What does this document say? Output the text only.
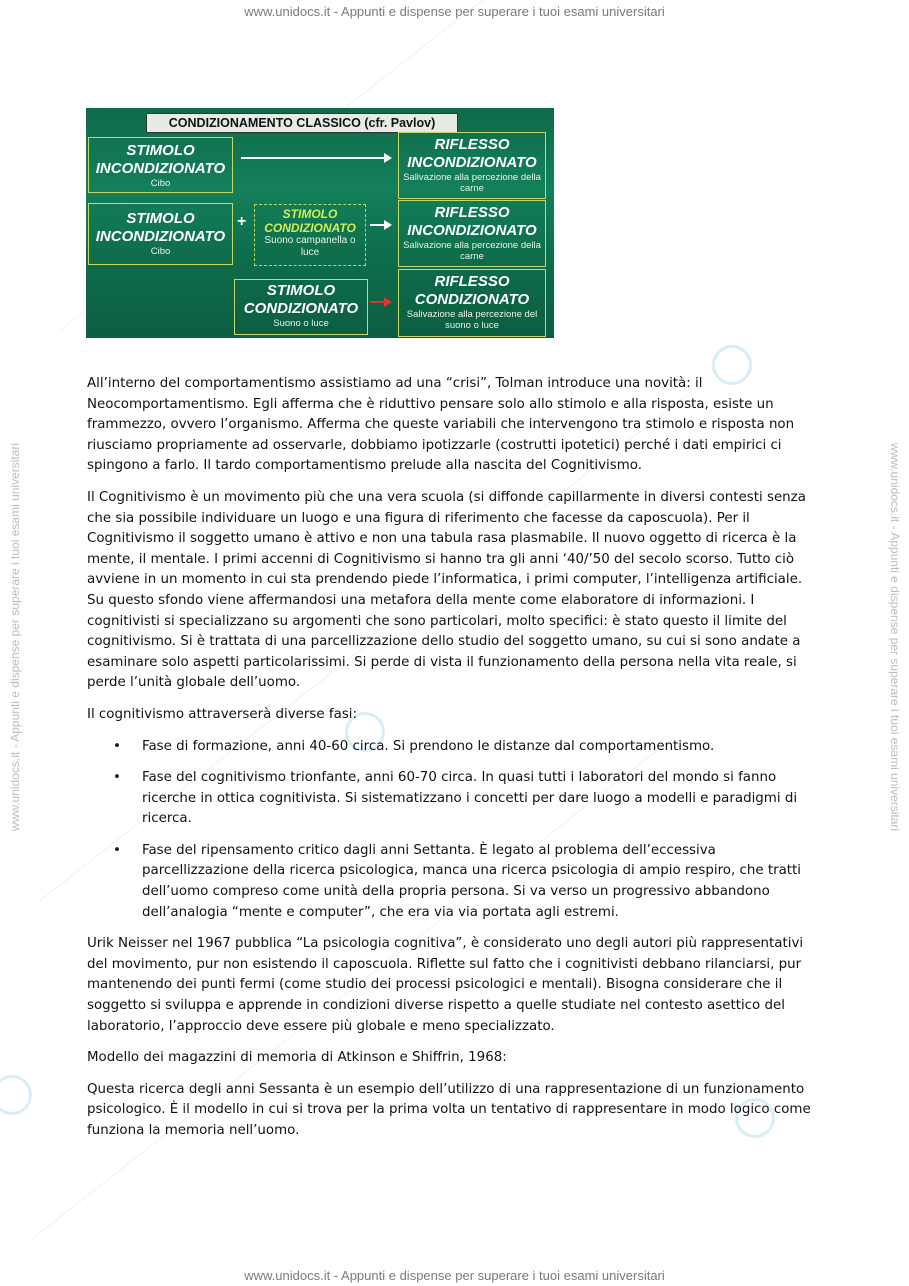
www.unidocs.it - Appunti e dispense per superare i tuoi esami universitari
www.unidocs.it - Appunti e dispense per superare i tuoi esami universitari
www.unidocs.it - Appunti e dispense per superare i tuoi esami universitari	www.unidocs.it - Appunti e dispense per superare i tuoi esami universitari
CONDIZIONAMENTO CLASSICO (cfr. Pavlov)
STIMOLO INCONDIZIONATO
Cibo
RIFLESSO INCONDIZIONATO
Salivazione alla percezione della carne
STIMOLO INCONDIZIONATO
Cibo
+	STIMOLO CONDIZIONATO
Suono campanella o luce
RIFLESSO INCONDIZIONATO
Salivazione alla percezione della carne
STIMOLO CONDIZIONATO
Suono o luce
RIFLESSO CONDIZIONATO
Salivazione alla percezione del suono o luce

All’interno del comportamentismo assistiamo ad una “crisi”, Tolman introduce una novità: il Neocomportamentismo. Egli afferma che è riduttivo pensare solo allo stimolo e alla risposta, esiste un frammezzo, ovvero l’organismo. Afferma che queste variabili che intervengono tra stimolo e risposta non riusciamo propriamente ad osservarle, dobbiamo ipotizzarle (costrutti ipotetici) perché i dati empirici ci spingono a farlo. Il tardo comportamentismo prelude alla nascita del Cognitivismo.

Il Cognitivismo è un movimento più che una vera scuola (si diffonde capillarmente in diversi contesti senza che sia possibile individuare un luogo e una figura di riferimento che facesse da caposcuola). Per il Cognitivismo il soggetto umano è attivo e non una tabula rasa plasmabile. Il nuovo oggetto di ricerca è la mente, il mentale. I primi accenni di Cognitivismo si hanno tra gli anni ‘40/’50 del secolo scorso. Tutto ciò avviene in un momento in cui sta prendendo piede l’informatica, i primi computer, l’intelligenza artificiale. Su questo sfondo viene affermandosi una metafora della mente come elaboratore di informazioni. I cognitivisti si specializzano su argomenti che sono particolari, molto specifici: è stato questo il limite del cognitivismo. Si è trattata di una parcellizzazione dello studio del soggetto umano, su cui si sono andate a esaminare solo aspetti particolarissimi. Si perde di vista il funzionamento della persona nella vita reale, si perde l’unità globale dell’uomo.

Il cognitivismo attraverserà diverse fasi:

• Fase di formazione, anni 40-60 circa. Si prendono le distanze dal comportamentismo.
• Fase del cognitivismo trionfante, anni 60-70 circa. In quasi tutti i laboratori del mondo si fanno ricerche in ottica cognitivista. Si sistematizzano i concetti per dare luogo a modelli e paradigmi di ricerca.
• Fase del ripensamento critico dagli anni Settanta. È legato al problema dell’eccessiva parcellizzazione della ricerca psicologica, manca una ricerca psicologia di ampio respiro, che tratti dell’uomo compreso come unità della propria persona. Si va verso un progressivo abbandono dell’analogia “mente e computer”, che era via via portata agli estremi.

Urik Neisser nel 1967 pubblica “La psicologia cognitiva”, è considerato uno degli autori più rappresentativi del movimento, pur non esistendo il caposcuola. Riflette sul fatto che i cognitivisti debbano rilanciarsi, pur mantenendo dei punti fermi (come studio dei processi psicologici e mentali). Bisogna considerare che il soggetto si sviluppa e apprende in condizioni diverse rispetto a quelle studiate nel contesto asettico del laboratorio, l’approccio deve essere più globale e meno specializzato.

Modello dei magazzini di memoria di Atkinson e Shiffrin, 1968:

Questa ricerca degli anni Sessanta è un esempio dell’utilizzo di una rappresentazione di un funzionamento psicologico. È il modello in cui si trova per la prima volta un tentativo di rappresentare in modo logico come funziona la memoria nell’uomo.
